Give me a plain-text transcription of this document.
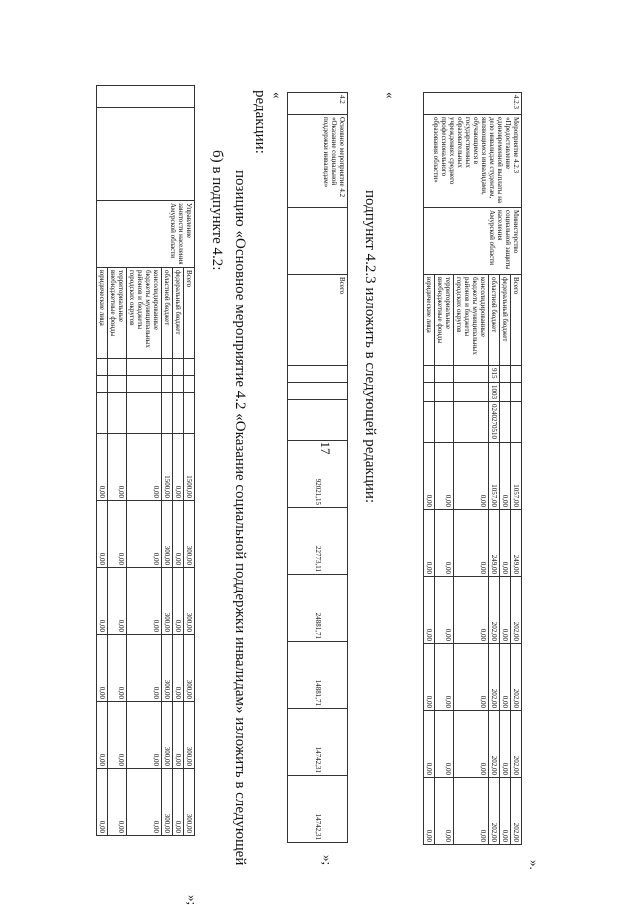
17
		Управление занятости населения Амурской области	Всего				1500,00	300,00	300,00	300,00	300,00	300,00
			федеральный бюджет				0,00	0,00	0,00	0,00	0,00	0,00
			областной бюджет				1500,00	300,00	300,00	300,00	300,00	300,00
			консолидированные бюджеты муниципальных районов и бюджеты городских округов				0,00	0,00	0,00	0,00	0,00	0,00
			территориальные внебюджетные фонды				0,00	0,00	0,00	0,00	0,00	0,00
			юридические лица				0,00	0,00	0,00	0,00	0,00	0,00
»;
б) в подпункте 4.2: позицию «Основное мероприятие 4.2 «Оказание социальной поддержки инвалидам» изложить в следующей
редакции: «	4.2	Основное мероприятие 4.2 «Оказание социальной поддержки инвалидам»		Всего				92021,15	22773,11	24881,71	14881,71	14742,31	14742,31
»;
подпункт 4.2.3 изложить в следующей редакции:
«	4.2.3	Мероприятие 4.2.3 «Предоставление единовременной выплаты на дело инвалидам студентам, являющимся инвалидами, обучающимся в государственных образовательных учреждениях среднего профессионального образования области»	Министерство социальной защиты населения Амурской области	Всего				1057,00	249,00	202,00	202,00	202,00	202,00
			федеральный бюджет				0,00	0,00	0,00	0,00	0,00	0,00
			областной бюджет	915	1003	0240270510	1057,00	249,00	202,00	202,00	202,00	202,00
			консолидированные бюджеты муниципальных районов и бюджеты городских округов				0,00	0,00	0,00	0,00	0,00	0,00
			территориальные внебюджетные фонды				0,00	0,00	0,00	0,00	0,00	0,00
			юридические лица				0,00	0,00	0,00	0,00	0,00	0,00
».
